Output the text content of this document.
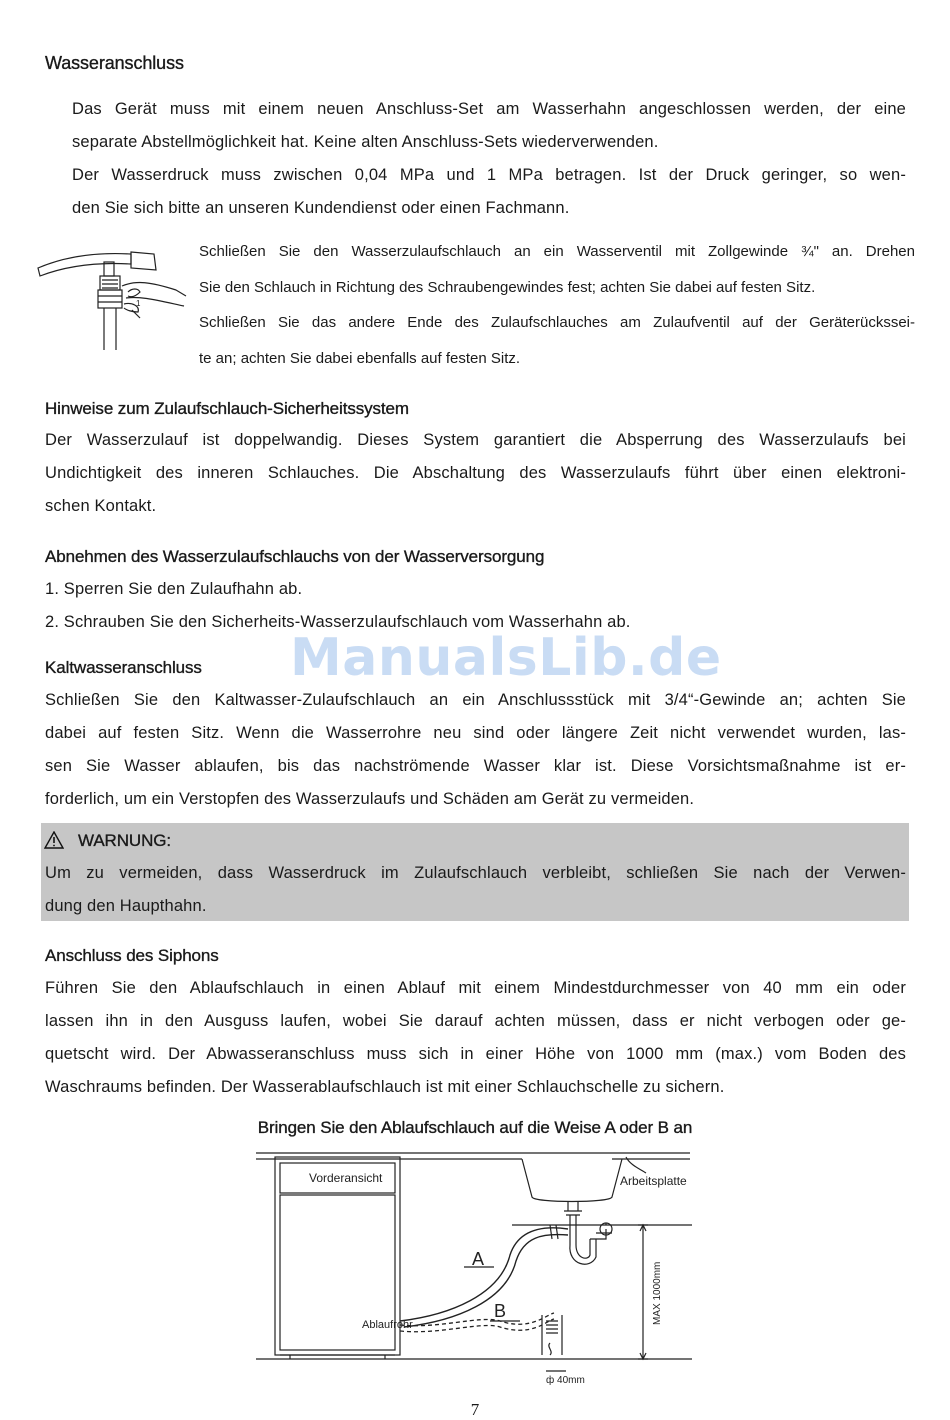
Wasseranschluss
Das Gerät muss mit einem neuen Anschluss-Set am Wasserhahn angeschlossen werden, der eine
separate Abstellmöglichkeit hat. Keine alten Anschluss-Sets wiederverwenden.
Der Wasserdruck muss zwischen 0,04 MPa und 1 MPa betragen. Ist der Druck geringer, so wen-
den Sie sich bitte an unseren Kundendienst oder einen Fachmann.
1
Schließen Sie den Wasserzulaufschlauch an ein Wasserventil mit Zollgewinde ¾" an. Drehen
Sie den Schlauch in Richtung des Schraubengewindes fest; achten Sie dabei auf festen Sitz.
Schließen Sie das andere Ende des Zulaufschlauches am Zulaufventil auf der Geräterückssei-
te an; achten Sie dabei ebenfalls auf festen Sitz.
Hinweise zum Zulaufschlauch-Sicherheitssystem
Der Wasserzulauf ist doppelwandig. Dieses System garantiert die Absperrung des Wasserzulaufs bei
Undichtigkeit des inneren Schlauches. Die Abschaltung des Wasserzulaufs führt über einen elektroni-
schen Kontakt.
Abnehmen des Wasserzulaufschlauchs von der Wasserversorgung
1. Sperren Sie den Zulaufhahn ab.
2. Schrauben Sie den Sicherheits-Wasserzulaufschlauch vom Wasserhahn ab.
ManualsLib.de
Kaltwasseranschluss
Schließen Sie den Kaltwasser-Zulaufschlauch an ein Anschlussstück mit 3/4“-Gewinde an; achten Sie
dabei auf festen Sitz. Wenn die Wasserrohre neu sind oder längere Zeit nicht verwendet wurden, las-
sen Sie Wasser ablaufen, bis das nachströmende Wasser klar ist. Diese Vorsichtsmaßnahme ist er-
forderlich, um ein Verstopfen des Wasserzulaufs und Schäden am Gerät zu vermeiden.
WARNUNG:
Um zu vermeiden, dass Wasserdruck im Zulaufschlauch verbleibt, schließen Sie nach der Verwen-
dung den Haupthahn.
Anschluss des Siphons
Führen Sie den Ablaufschlauch in einen Ablauf mit einem Mindestdurchmesser von 40 mm ein oder
lassen ihn in den Ausguss laufen, wobei Sie darauf achten müssen, dass er nicht verbogen oder ge-
quetscht wird. Der Abwasseranschluss muss sich in einer Höhe von 1000 mm (max.) vom Boden des
Waschraums befinden. Der Wasserablaufschlauch ist mit einer Schlauchschelle zu sichern.
Bringen Sie den Ablaufschlauch auf die Weise A oder B an
Vorderansicht	Arbeitsplatte
Ablaufrohr
A
B	MAX 1000mm
ф 40mm
7
